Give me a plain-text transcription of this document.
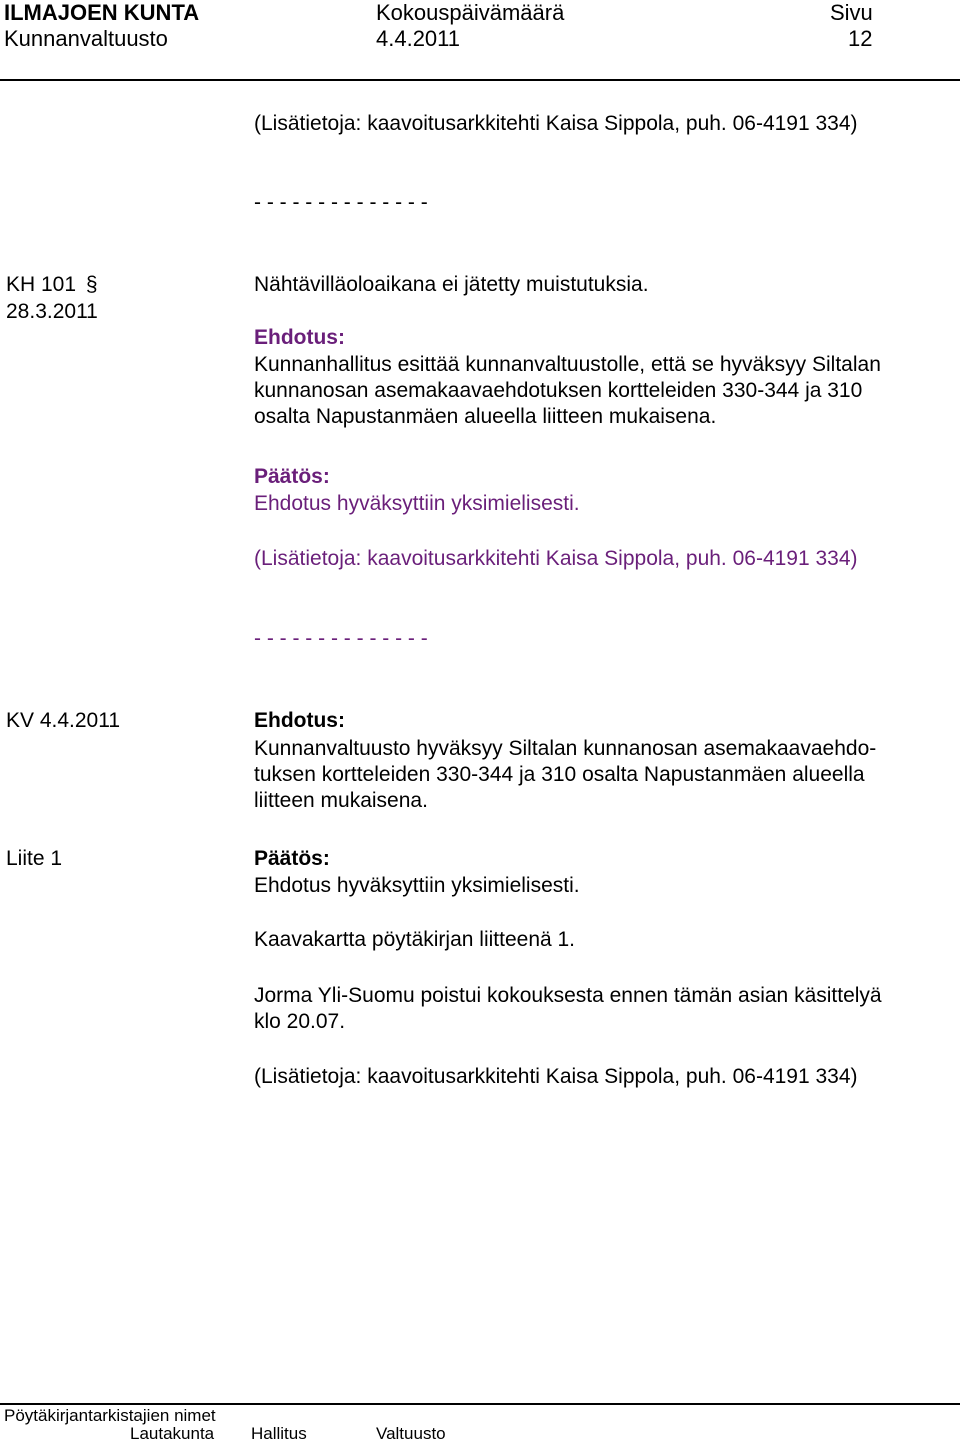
ILMAJOEN KUNTA
Kunnanvaltuusto
Kokouspäivämäärä
4.4.2011
Sivu
12
(Lisätietoja: kaavoitusarkkitehti Kaisa Sippola, puh. 06-4191 334)
- - - - - - - - - - - - - -
KH 101 §
28.3.2011
Nähtävilläoloaikana ei jätetty muistutuksia.
Ehdotus:
Kunnanhallitus esittää kunnanvaltuustolle, että se hyväksyy Siltalan
kunnanosan asemakaavaehdotuksen kortteleiden 330-344 ja 310
osalta Napustanmäen alueella liitteen mukaisena.
Päätös:
Ehdotus hyväksyttiin yksimielisesti.
(Lisätietoja: kaavoitusarkkitehti Kaisa Sippola, puh. 06-4191 334)
- - - - - - - - - - - - - -
KV 4.4.2011
Liite 1
Ehdotus:
Kunnanvaltuusto hyväksyy Siltalan kunnanosan asemakaavaehdo-
tuksen kortteleiden 330-344 ja 310 osalta Napustanmäen alueella
liitteen mukaisena.
Päätös:
Ehdotus hyväksyttiin yksimielisesti.
Kaavakartta pöytäkirjan liitteenä 1.
Jorma Yli-Suomu poistui kokouksesta ennen tämän asian käsittelyä
klo 20.07.
(Lisätietoja: kaavoitusarkkitehti Kaisa Sippola, puh. 06-4191 334)
Pöytäkirjantarkistajien nimet
Lautakunta Hallitus	Valtuusto
